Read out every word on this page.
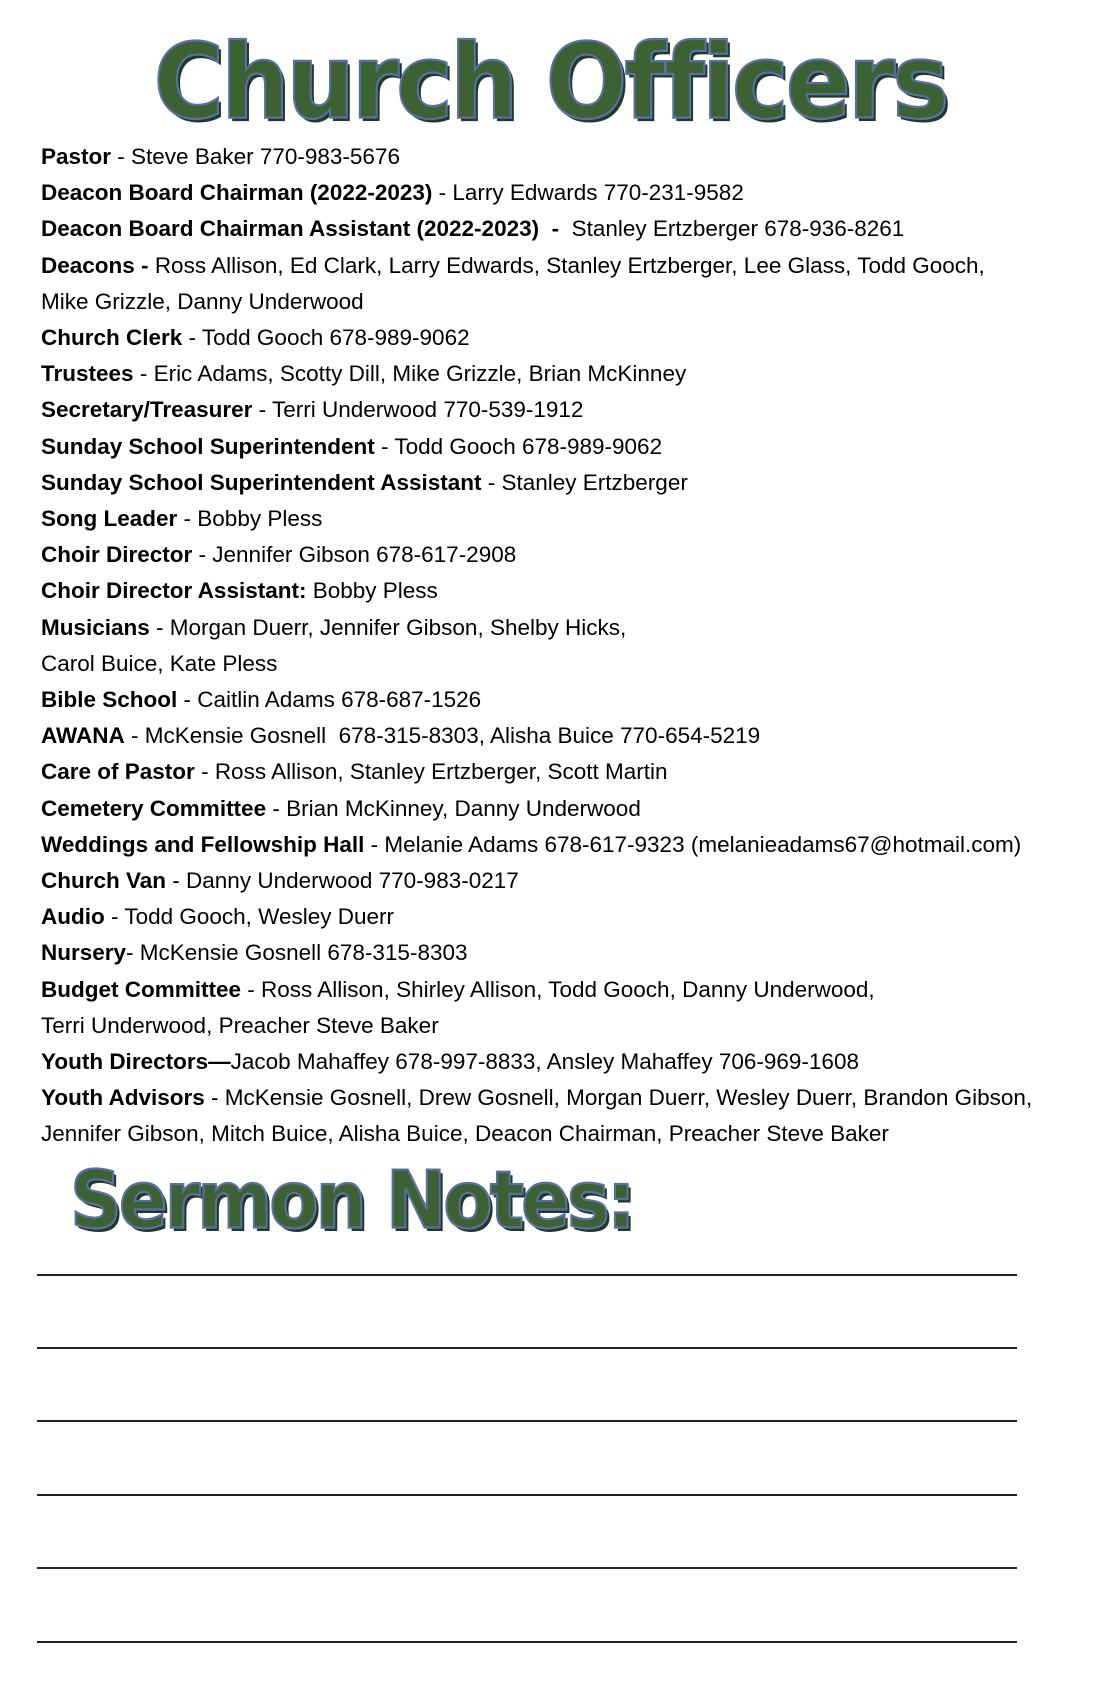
Church Officers
Pastor - Steve Baker 770-983-5676
Deacon Board Chairman (2022-2023) - Larry Edwards 770-231-9582
Deacon Board Chairman Assistant (2022-2023)  - Stanley Ertzberger 678-936-8261
Deacons - Ross Allison, Ed Clark, Larry Edwards, Stanley Ertzberger, Lee Glass, Todd Gooch,
Mike Grizzle, Danny Underwood
Church Clerk - Todd Gooch 678-989-9062
Trustees - Eric Adams, Scotty Dill, Mike Grizzle, Brian McKinney
Secretary/Treasurer - Terri Underwood 770-539-1912
Sunday School Superintendent - Todd Gooch 678-989-9062
Sunday School Superintendent Assistant - Stanley Ertzberger
Song Leader - Bobby Pless
Choir Director - Jennifer Gibson 678-617-2908
Choir Director Assistant: Bobby Pless
Musicians - Morgan Duerr, Jennifer Gibson, Shelby Hicks,
Carol Buice, Kate Pless
Bible School - Caitlin Adams 678-687-1526
AWANA - McKensie Gosnell  678-315-8303, Alisha Buice 770-654-5219
Care of Pastor - Ross Allison, Stanley Ertzberger, Scott Martin
Cemetery Committee - Brian McKinney, Danny Underwood
Weddings and Fellowship Hall - Melanie Adams 678-617-9323 (melanieadams67@hotmail.com)
Church Van - Danny Underwood 770-983-0217
Audio - Todd Gooch, Wesley Duerr
Nursery- McKensie Gosnell 678-315-8303
Budget Committee - Ross Allison, Shirley Allison, Todd Gooch, Danny Underwood,
Terri Underwood, Preacher Steve Baker
Youth Directors—Jacob Mahaffey 678-997-8833, Ansley Mahaffey 706-969-1608
Youth Advisors - McKensie Gosnell, Drew Gosnell, Morgan Duerr, Wesley Duerr, Brandon Gibson,
Jennifer Gibson, Mitch Buice, Alisha Buice, Deacon Chairman, Preacher Steve Baker
Sermon Notes:
